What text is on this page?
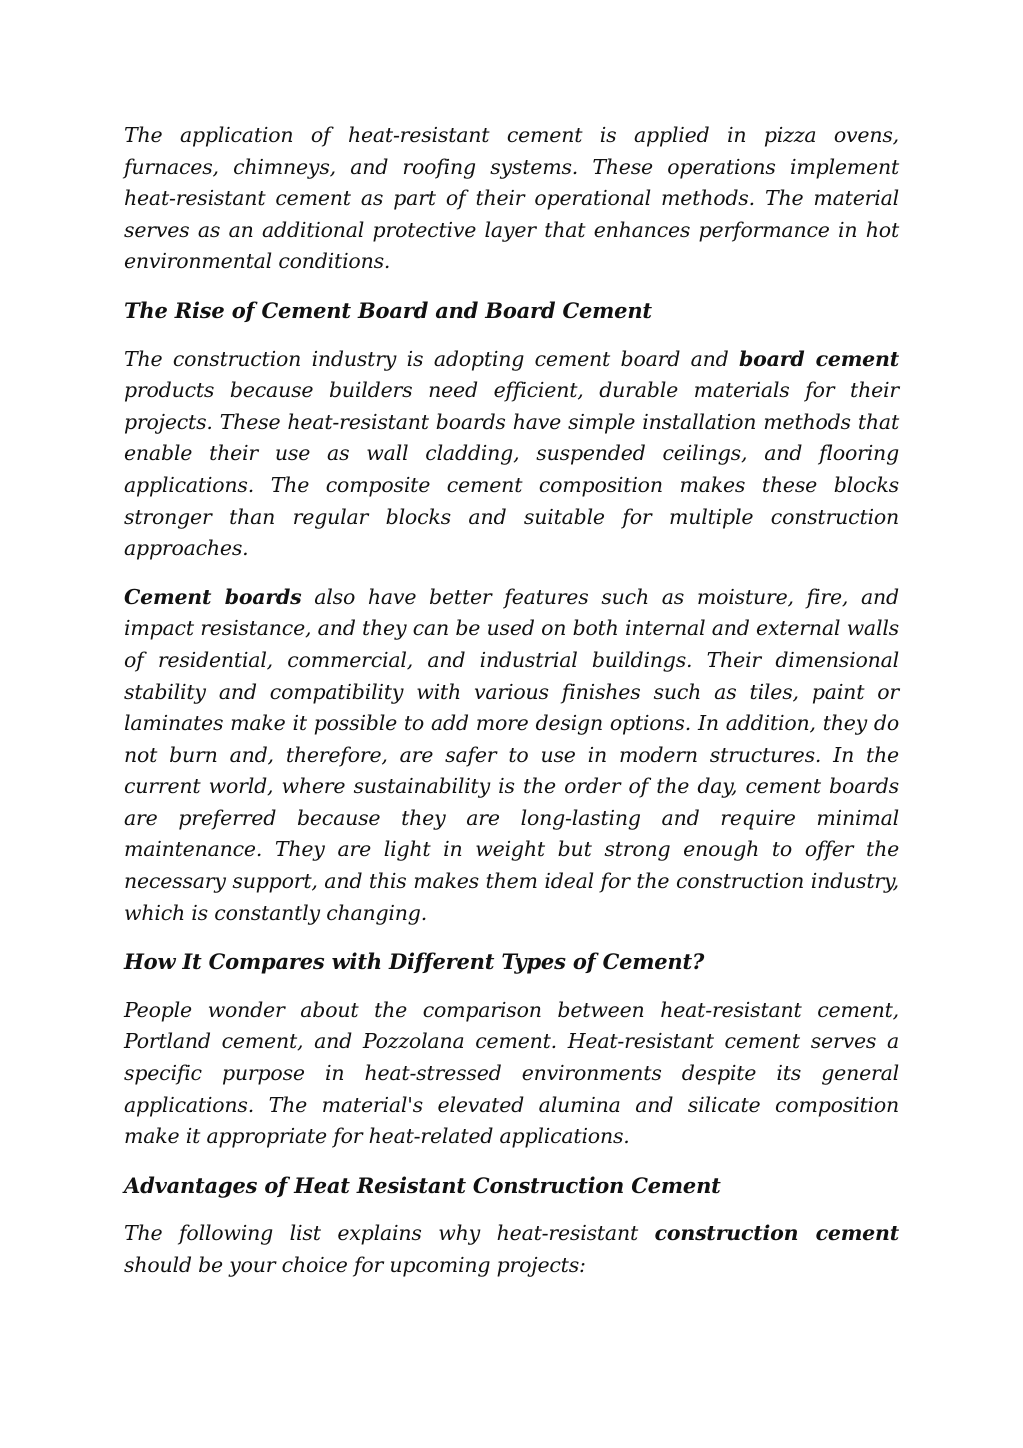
The application of heat-resistant cement is applied in pizza ovens, furnaces, chimneys, and roofing systems. These operations implement heat-resistant cement as part of their operational methods. The material serves as an additional protective layer that enhances performance in hot environmental conditions.

The Rise of Cement Board and Board Cement

The construction industry is adopting cement board and board cement products because builders need efficient, durable materials for their projects. These heat-resistant boards have simple installation methods that enable their use as wall cladding, suspended ceilings, and flooring applications. The composite cement composition makes these blocks stronger than regular blocks and suitable for multiple construction approaches.

Cement boards also have better features such as moisture, fire, and impact resistance, and they can be used on both internal and external walls of residential, commercial, and industrial buildings. Their dimensional stability and compatibility with various finishes such as tiles, paint or laminates make it possible to add more design options. In addition, they do not burn and, therefore, are safer to use in modern structures. In the current world, where sustainability is the order of the day, cement boards are preferred because they are long-lasting and require minimal maintenance. They are light in weight but strong enough to offer the necessary support, and this makes them ideal for the construction industry, which is constantly changing.

How It Compares with Different Types of Cement?

People wonder about the comparison between heat-resistant cement, Portland cement, and Pozzolana cement. Heat-resistant cement serves a specific purpose in heat-stressed environments despite its general applications. The material's elevated alumina and silicate composition make it appropriate for heat-related applications.

Advantages of Heat Resistant Construction Cement

The following list explains why heat-resistant construction cement should be your choice for upcoming projects:
